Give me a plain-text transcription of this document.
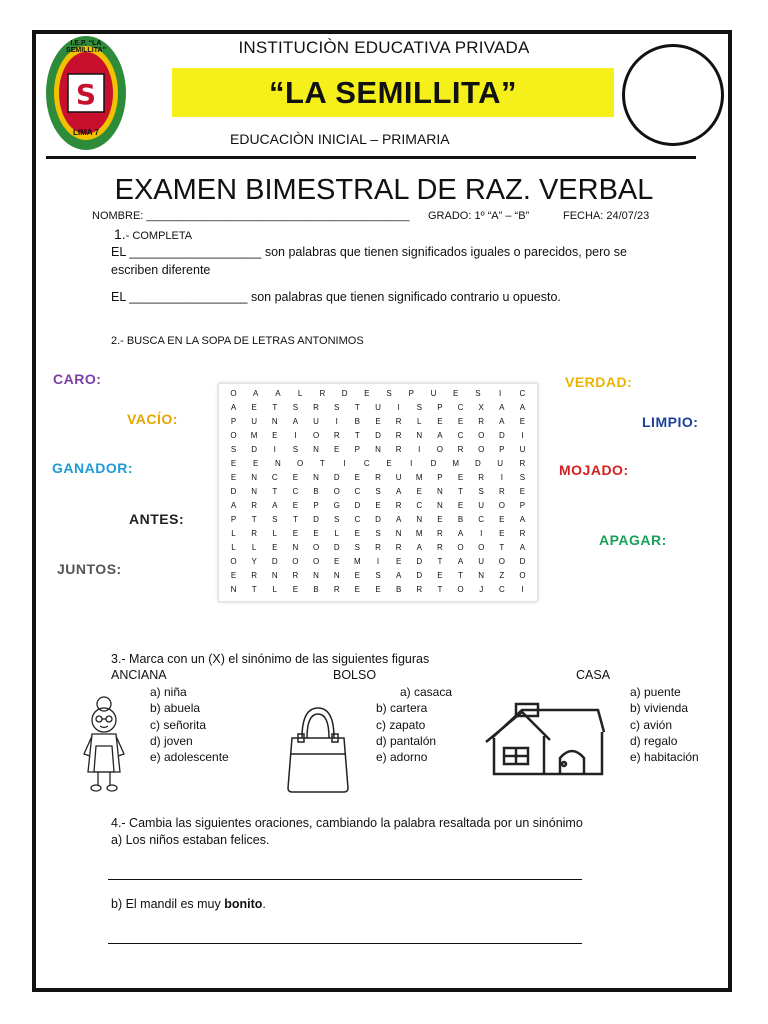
S
I.E.P. “LA SEMILLITA”
LIMA 7
INSTITUCIÒN EDUCATIVA PRIVADA
“LA SEMILLITA”
EDUCACIÒN INICIAL – PRIMARIA
EXAMEN BIMESTRAL DE RAZ. VERBAL
NOMBRE: ___________________________________________ GRADO: 1º “A” – “B”	FECHA: 24/07/23
1.- COMPLETA
EL ___________________ son palabras que tienen significados iguales o parecidos, pero se
escriben diferente
EL _________________ son palabras que tienen significado contrario u opuesto.
2.- BUSCA EN LA SOPA DE LETRAS ANTONIMOS
CARO:
VACÍO:
GANADOR:
ANTES:
JUNTOS:
VERDAD:
LIMPIO:
MOJADO:
APAGAR:
O	A	A	L	R	D	E	S	P	U	E	S	I	C
A	E	T	S	R	S	T	U	I	S	P	C	X	A	A
P	U	N	A	U	I	B	E	R	L	E	E	R	A	E
O	M	E	I	O	R	T	D	R	N	A	C	O	D	I
S	D	I	S	N	E	P	N	R	I	O	R	O	P	U
E	E	N	O	T	I	C	E	I	D	M	D	U	R
E	N	C	E	N	D	E	R	U	M	P	E	R	I	S
D	N	T	C	B	O	C	S	A	E	N	T	S	R	E
A	R	A	E	P	G	D	E	R	C	N	E	U	O	P
P	T	S	T	D	S	C	D	A	N	E	B	C	E	A
L	R	L	E	E	L	E	S	N	M	R	A	I	E	R
L	L	E	N	O	D	S	R	R	A	R	O	O	T	A
O	Y	D	O	O	E	M	I	E	D	T	A	U	O	D
E	R	N	R	N	N	E	S	A	D	E	T	N	Z	O
N	T	L	E	B	R	E	E	B	R	T	O	J	C	I
3.- Marca con un (X) el sinónimo de las siguientes figuras
ANCIANA	BOLSO	CASA
a) niña
b) abuela
c) señorita
d) joven
e) adolescente
a) casaca
b) cartera
c) zapato
d) pantalón
e) adorno
a) puente
b) vivienda
c) avión
d) regalo
e) habitación
4.- Cambia las siguientes oraciones, cambiando la palabra resaltada por un sinónimo
a) Los niños estaban felices.
b) El mandil es muy bonito.
